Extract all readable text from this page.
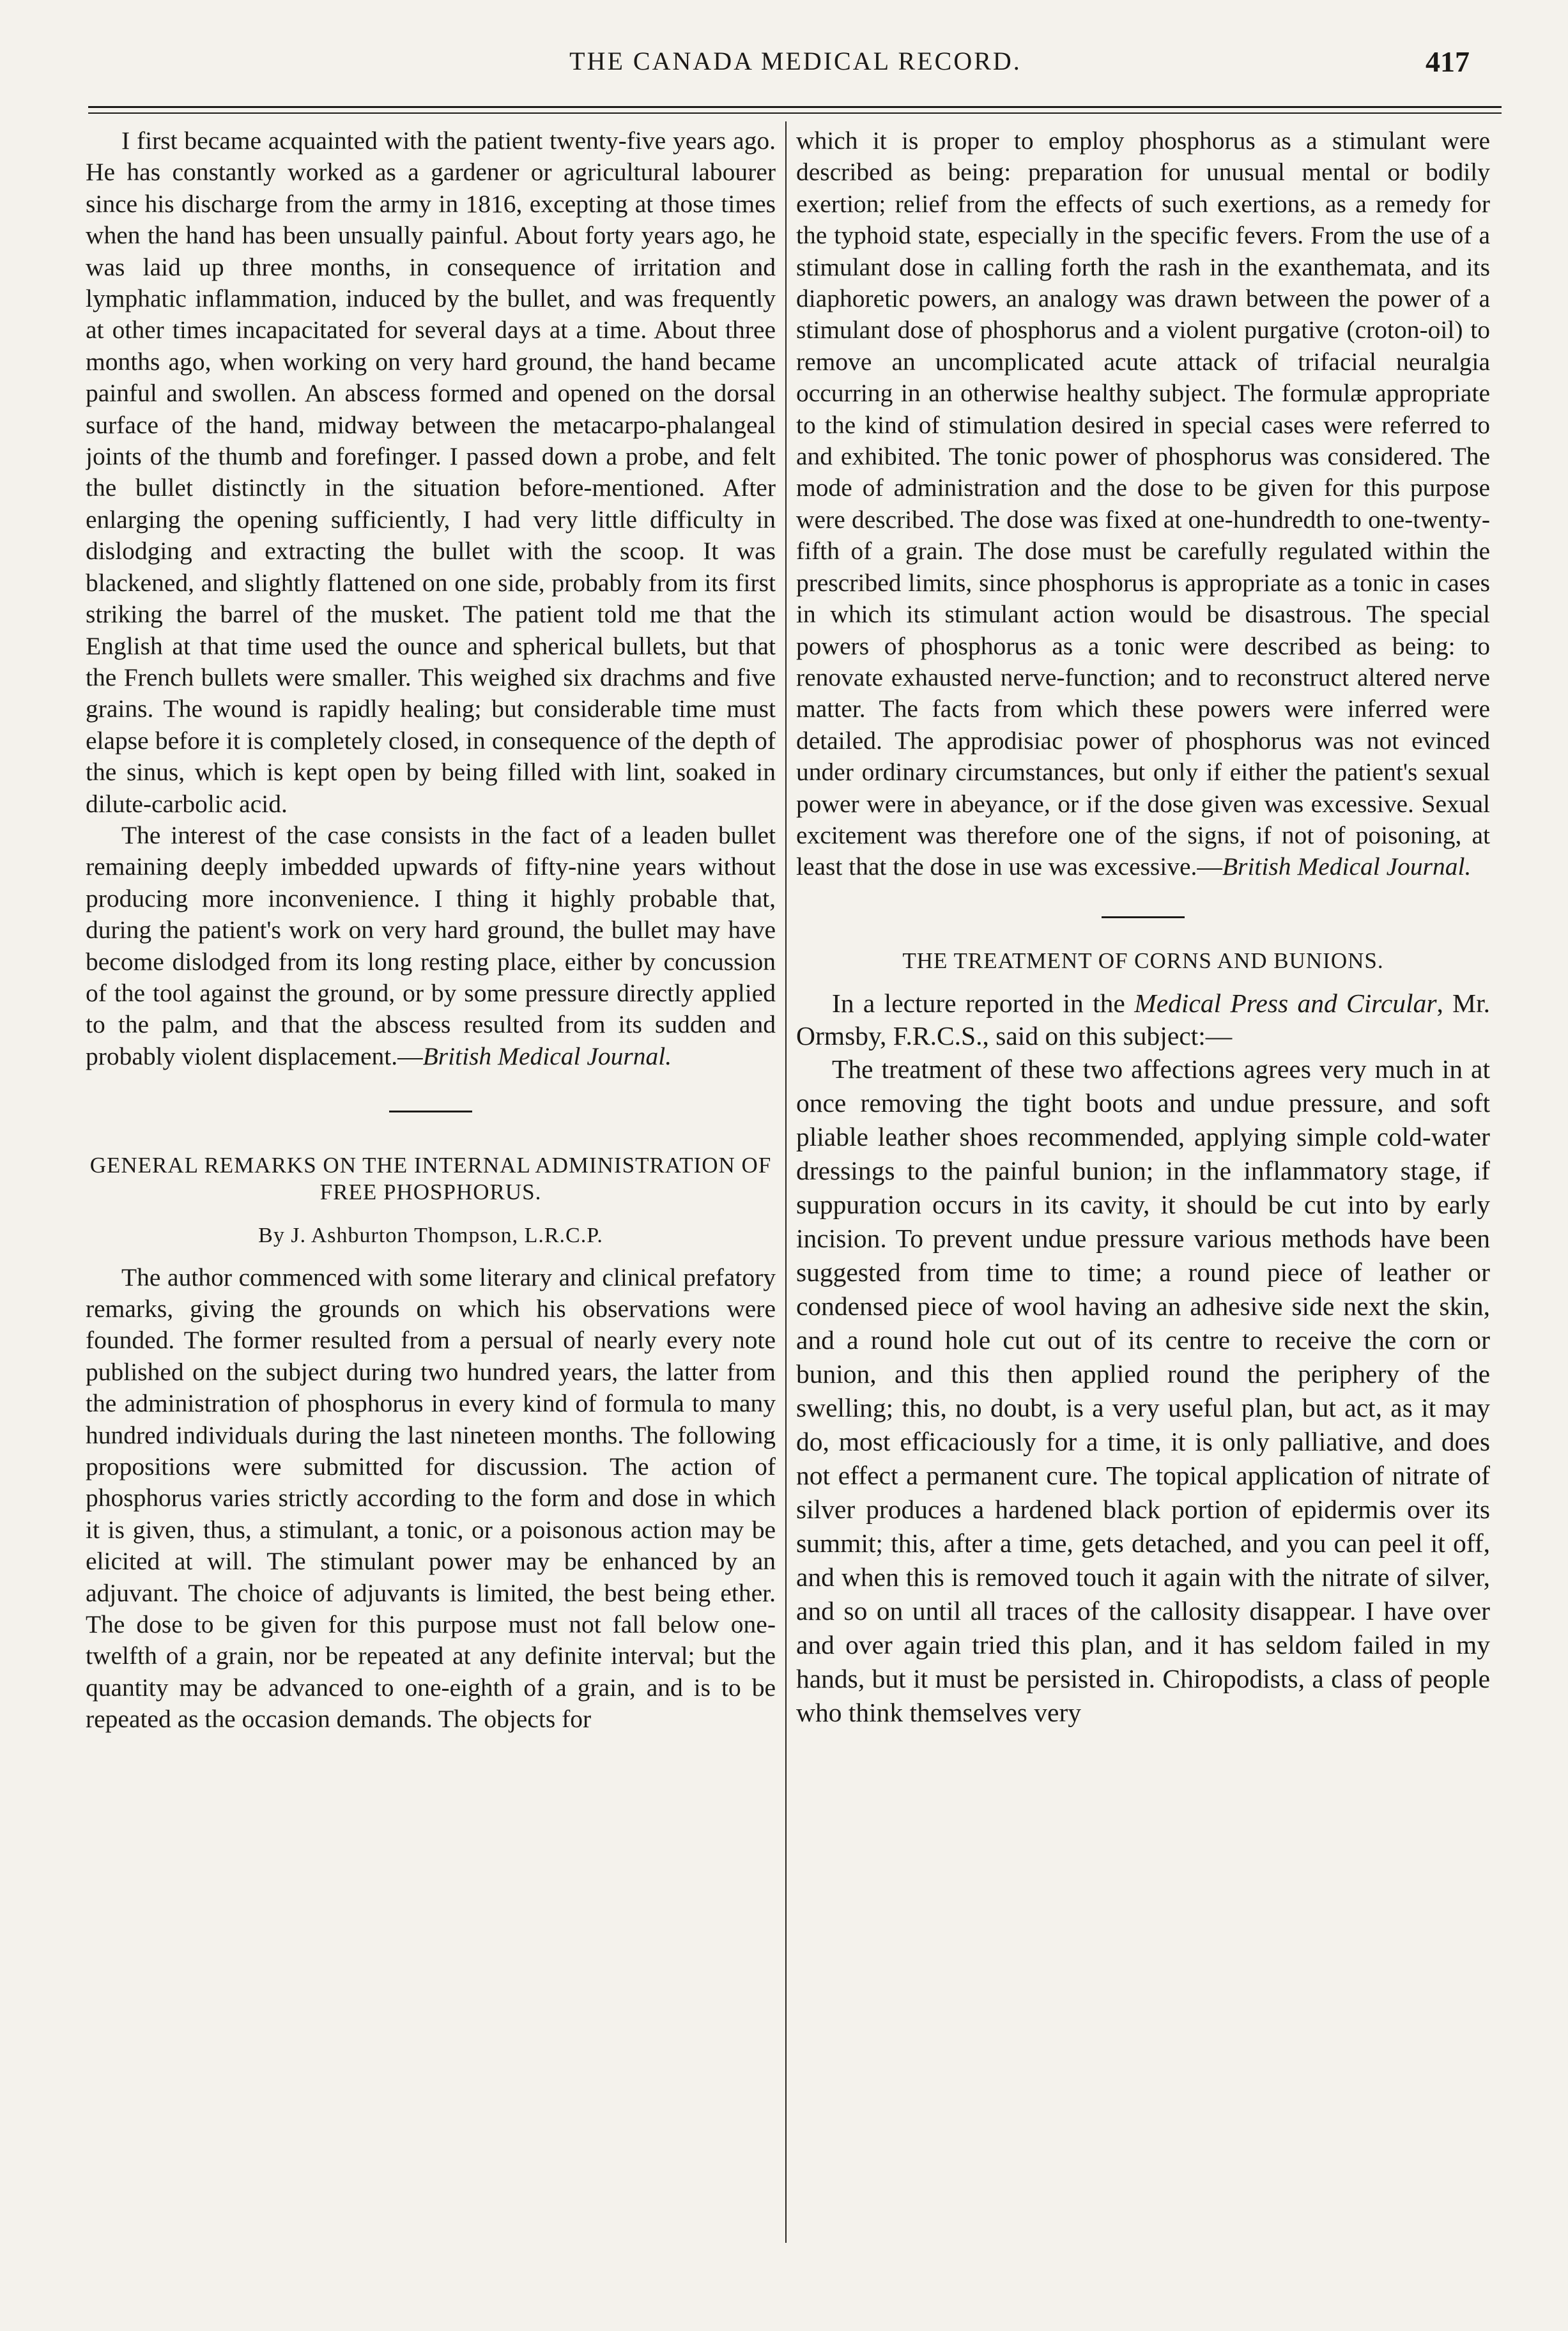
THE CANADA MEDICAL RECORD.	417

I first became acquainted with the patient twenty-five years ago. He has constantly worked as a gardener or agricultural labourer since his discharge from the army in 1816, excepting at those times when the hand has been unsually painful. About forty years ago, he was laid up three months, in consequence of irritation and lymphatic inflammation, induced by the bullet, and was frequently at other times incapacitated for several days at a time. About three months ago, when working on very hard ground, the hand became painful and swollen. An abscess formed and opened on the dorsal surface of the hand, midway between the metacarpo-phalangeal joints of the thumb and forefinger. I passed down a probe, and felt the bullet distinctly in the situation before-mentioned. After enlarging the opening sufficiently, I had very little difficulty in dislodging and extracting the bullet with the scoop. It was blackened, and slightly flattened on one side, probably from its first striking the barrel of the musket. The patient told me that the English at that time used the ounce and spherical bullets, but that the French bullets were smaller. This weighed six drachms and five grains. The wound is rapidly healing; but considerable time must elapse before it is completely closed, in consequence of the depth of the sinus, which is kept open by being filled with lint, soaked in dilute-carbolic acid.

The interest of the case consists in the fact of a leaden bullet remaining deeply imbedded upwards of fifty-nine years without producing more inconvenience. I thing it highly probable that, during the patient's work on very hard ground, the bullet may have become dislodged from its long resting place, either by concussion of the tool against the ground, or by some pressure directly applied to the palm, and that the abscess resulted from its sudden and probably violent displacement.—British Medical Journal.

GENERAL REMARKS ON THE INTERNAL ADMINISTRATION OF FREE PHOSPHORUS.
By J. Ashburton Thompson, L.R.C.P.

The author commenced with some literary and clinical prefatory remarks, giving the grounds on which his observations were founded. The former resulted from a persual of nearly every note published on the subject during two hundred years, the latter from the administration of phosphorus in every kind of formula to many hundred individuals during the last nineteen months. The following propositions were submitted for discussion. The action of phosphorus varies strictly according to the form and dose in which it is given, thus, a stimulant, a tonic, or a poisonous action may be elicited at will. The stimulant power may be enhanced by an adjuvant. The choice of adjuvants is limited, the best being ether. The dose to be given for this purpose must not fall below one-twelfth of a grain, nor be repeated at any definite interval; but the quantity may be advanced to one-eighth of a grain, and is to be repeated as the occasion demands. The objects for

which it is proper to employ phosphorus as a stimulant were described as being: preparation for unusual mental or bodily exertion; relief from the effects of such exertions, as a remedy for the typhoid state, especially in the specific fevers. From the use of a stimulant dose in calling forth the rash in the exanthemata, and its diaphoretic powers, an analogy was drawn between the power of a stimulant dose of phosphorus and a violent purgative (croton-oil) to remove an uncomplicated acute attack of trifacial neuralgia occurring in an otherwise healthy subject. The formulæ appropriate to the kind of stimulation desired in special cases were referred to and exhibited. The tonic power of phosphorus was considered. The mode of administration and the dose to be given for this purpose were described. The dose was fixed at one-hundredth to one-twenty-fifth of a grain. The dose must be carefully regulated within the prescribed limits, since phosphorus is appropriate as a tonic in cases in which its stimulant action would be disastrous. The special powers of phosphorus as a tonic were described as being: to renovate exhausted nerve-function; and to reconstruct altered nerve matter. The facts from which these powers were inferred were detailed. The approdisiac power of phosphorus was not evinced under ordinary circumstances, but only if either the patient's sexual power were in abeyance, or if the dose given was excessive. Sexual excitement was therefore one of the signs, if not of poisoning, at least that the dose in use was excessive.—British Medical Journal.

THE TREATMENT OF CORNS AND BUNIONS.

In a lecture reported in the Medical Press and Circular, Mr. Ormsby, F.R.C.S., said on this subject:—

The treatment of these two affections agrees very much in at once removing the tight boots and undue pressure, and soft pliable leather shoes recommended, applying simple cold-water dressings to the painful bunion; in the inflammatory stage, if suppuration occurs in its cavity, it should be cut into by early incision. To prevent undue pressure various methods have been suggested from time to time; a round piece of leather or condensed piece of wool having an adhesive side next the skin, and a round hole cut out of its centre to receive the corn or bunion, and this then applied round the periphery of the swelling; this, no doubt, is a very useful plan, but act, as it may do, most efficaciously for a time, it is only palliative, and does not effect a permanent cure. The topical application of nitrate of silver produces a hardened black portion of epidermis over its summit; this, after a time, gets detached, and you can peel it off, and when this is removed touch it again with the nitrate of silver, and so on until all traces of the callosity disappear. I have over and over again tried this plan, and it has seldom failed in my hands, but it must be persisted in. Chiropodists, a class of people who think themselves very
